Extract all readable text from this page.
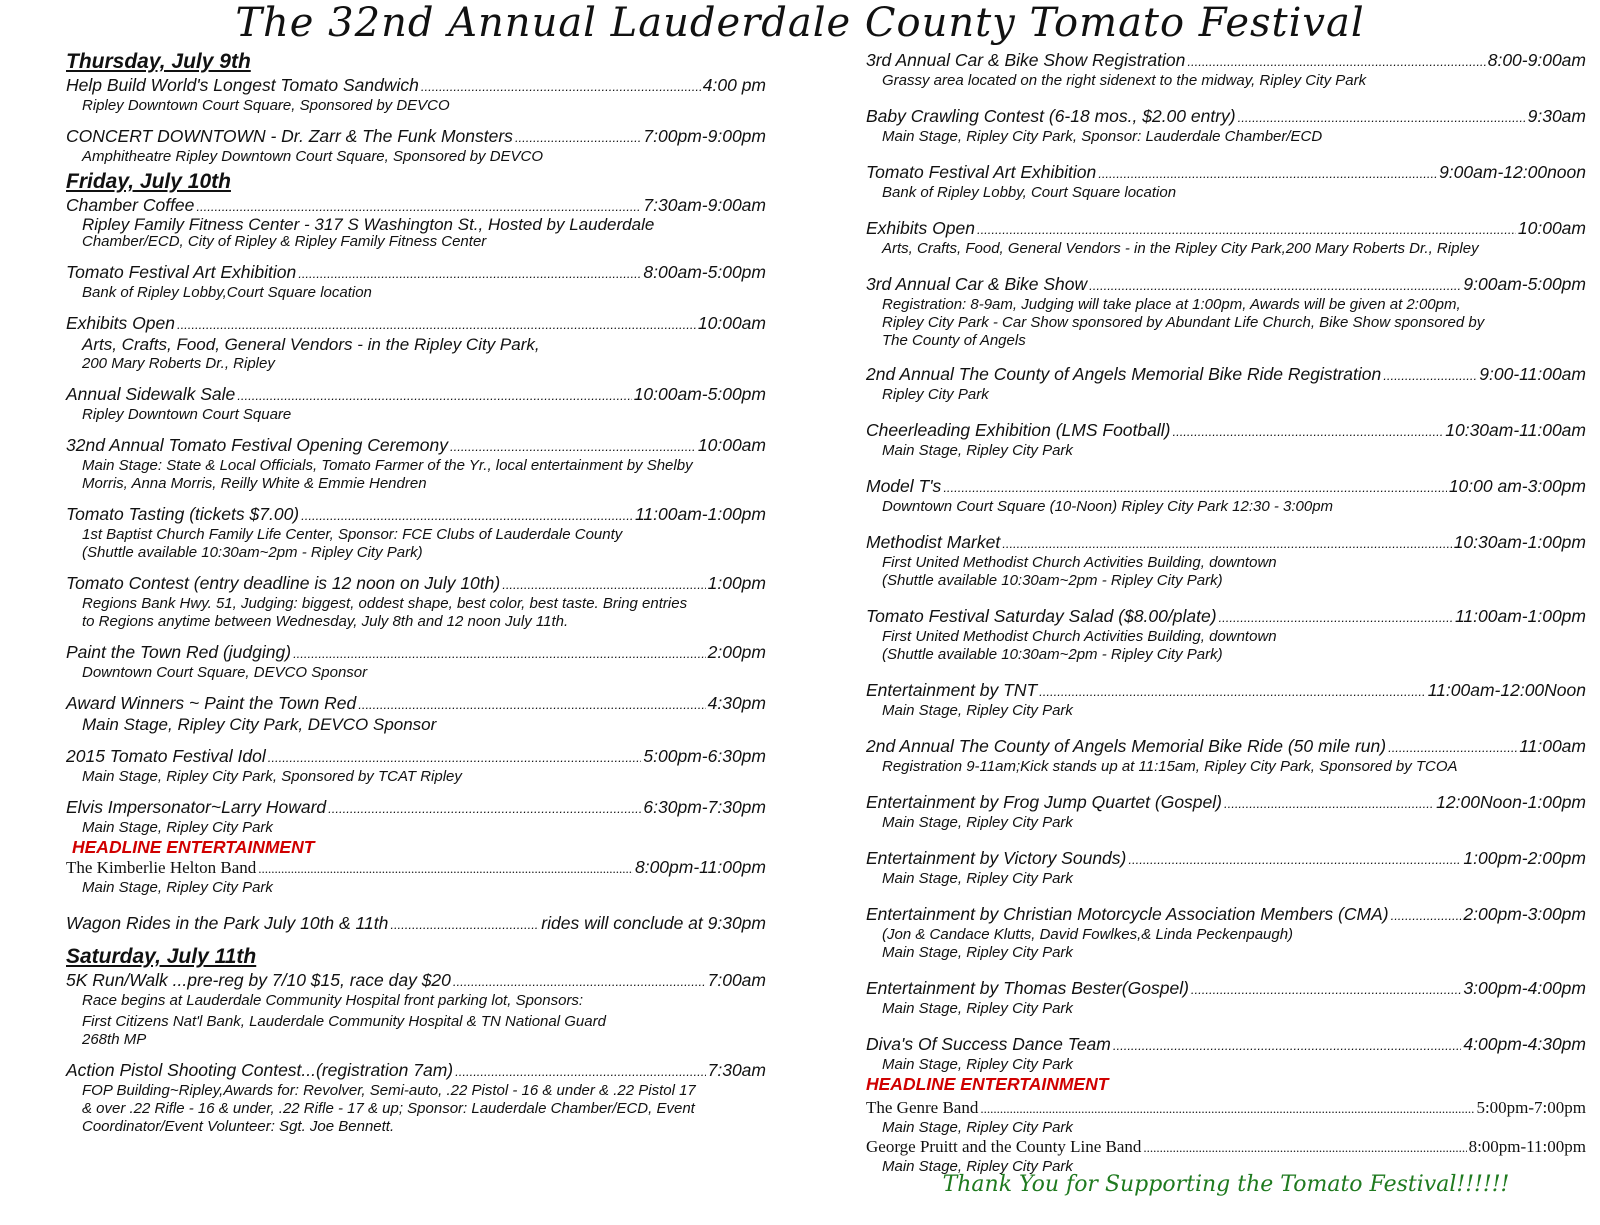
The 32nd Annual Lauderdale County Tomato Festival
Thursday, July 9th
Help Build World's Longest Tomato Sandwich .....	4:00 pm
Ripley Downtown Court Square, Sponsored by DEVCO
CONCERT DOWNTOWN - Dr. Zarr & The Funk Monsters .....	7:00pm-9:00pm
Amphitheatre Ripley Downtown Court Square, Sponsored by DEVCO
Friday, July 10th
Chamber Coffee .....	7:30am-9:00am
Ripley Family Fitness Center - 317 S Washington St., Hosted by Lauderdale
Chamber/ECD, City of Ripley & Ripley Family Fitness Center
Tomato Festival Art Exhibition .....	8:00am-5:00pm
Bank of Ripley Lobby,Court Square location
Exhibits Open .....	10:00am
Arts, Crafts, Food, General Vendors - in the Ripley City Park,
200 Mary Roberts Dr., Ripley
Annual Sidewalk Sale .....	10:00am-5:00pm
Ripley Downtown Court Square
32nd Annual Tomato Festival Opening Ceremony .....	10:00am
Main Stage: State & Local Officials, Tomato Farmer of the Yr., local entertainment by Shelby
Morris, Anna Morris, Reilly White & Emmie Hendren
Tomato Tasting (tickets $7.00) .....	11:00am-1:00pm
1st Baptist Church Family Life Center, Sponsor: FCE Clubs of Lauderdale County
(Shuttle available 10:30am~2pm - Ripley City Park)
Tomato Contest (entry deadline is 12 noon on July 10th) .....	1:00pm
Regions Bank Hwy. 51, Judging: biggest, oddest shape, best color, best taste. Bring entries
to Regions anytime between Wednesday, July 8th and 12 noon July 11th.
Paint the Town Red (judging) .....	2:00pm
Downtown Court Square, DEVCO Sponsor
Award Winners ~ Paint the Town Red .....	4:30pm
Main Stage, Ripley City Park, DEVCO Sponsor
2015 Tomato Festival Idol .....	5:00pm-6:30pm
Main Stage, Ripley City Park, Sponsored by TCAT Ripley
Elvis Impersonator~Larry Howard .....	6:30pm-7:30pm
Main Stage, Ripley City Park
HEADLINE ENTERTAINMENT
The Kimberlie Helton Band .....	8:00pm-11:00pm
Main Stage, Ripley City Park
Wagon Rides in the Park July 10th & 11th .....	rides will conclude at 9:30pm
Saturday, July 11th
5K Run/Walk ...pre-reg by 7/10 $15, race day $20 .....	7:00am
Race begins at Lauderdale Community Hospital front parking lot, Sponsors:
First Citizens Nat'l Bank, Lauderdale Community Hospital & TN National Guard
268th MP
Action Pistol Shooting Contest...(registration 7am) .....	7:30am
FOP Building~Ripley,Awards for: Revolver, Semi-auto, .22 Pistol - 16 & under & .22 Pistol 17
& over .22 Rifle - 16 & under, .22 Rifle - 17 & up; Sponsor: Lauderdale Chamber/ECD, Event
Coordinator/Event Volunteer: Sgt. Joe Bennett.
3rd Annual Car & Bike Show Registration .....	8:00-9:00am
Grassy area located on the right sidenext to the midway, Ripley City Park
Baby Crawling Contest (6-18 mos., $2.00 entry) .....	9:30am
Main Stage, Ripley City Park, Sponsor: Lauderdale Chamber/ECD
Tomato Festival Art Exhibition .....	9:00am-12:00noon
Bank of Ripley Lobby, Court Square location
Exhibits Open .....	10:00am
Arts, Crafts, Food, General Vendors - in the Ripley City Park,200 Mary Roberts Dr., Ripley
3rd Annual Car & Bike Show .....	9:00am-5:00pm
Registration: 8-9am, Judging will take place at 1:00pm, Awards will be given at 2:00pm,
Ripley City Park - Car Show sponsored by Abundant Life Church, Bike Show sponsored by
The County of Angels
2nd Annual The County of Angels Memorial Bike Ride Registration .....	9:00-11:00am
Ripley City Park
Cheerleading Exhibition (LMS Football) .....	10:30am-11:00am
Main Stage, Ripley City Park
Model T's .....	10:00 am-3:00pm
Downtown Court Square (10-Noon) Ripley City Park 12:30 - 3:00pm
Methodist Market .....	10:30am-1:00pm
First United Methodist Church Activities Building, downtown
(Shuttle available 10:30am~2pm - Ripley City Park)
Tomato Festival Saturday Salad ($8.00/plate) .....	11:00am-1:00pm
First United Methodist Church Activities Building, downtown
(Shuttle available 10:30am~2pm - Ripley City Park)
Entertainment by TNT .....	11:00am-12:00Noon
Main Stage, Ripley City Park
2nd Annual The County of Angels Memorial Bike Ride (50 mile run) .....	11:00am
Registration 9-11am;Kick stands up at 11:15am, Ripley City Park, Sponsored by TCOA
Entertainment by Frog Jump Quartet (Gospel) .....	12:00Noon-1:00pm
Main Stage, Ripley City Park
Entertainment by Victory Sounds) .....	1:00pm-2:00pm
Main Stage, Ripley City Park
Entertainment by Christian Motorcycle Association Members (CMA) .....	2:00pm-3:00pm
(Jon & Candace Klutts, David Fowlkes,& Linda Peckenpaugh)
Main Stage, Ripley City Park
Entertainment by Thomas Bester(Gospel) .....	3:00pm-4:00pm
Main Stage, Ripley City Park
Diva's Of Success Dance Team .....	4:00pm-4:30pm
Main Stage, Ripley City Park
HEADLINE ENTERTAINMENT
The Genre Band .....	5:00pm-7:00pm
Main Stage, Ripley City Park
George Pruitt and the County Line Band .....	8:00pm-11:00pm
Main Stage, Ripley City Park
Thank You for Supporting the Tomato Festival!!!!!!
